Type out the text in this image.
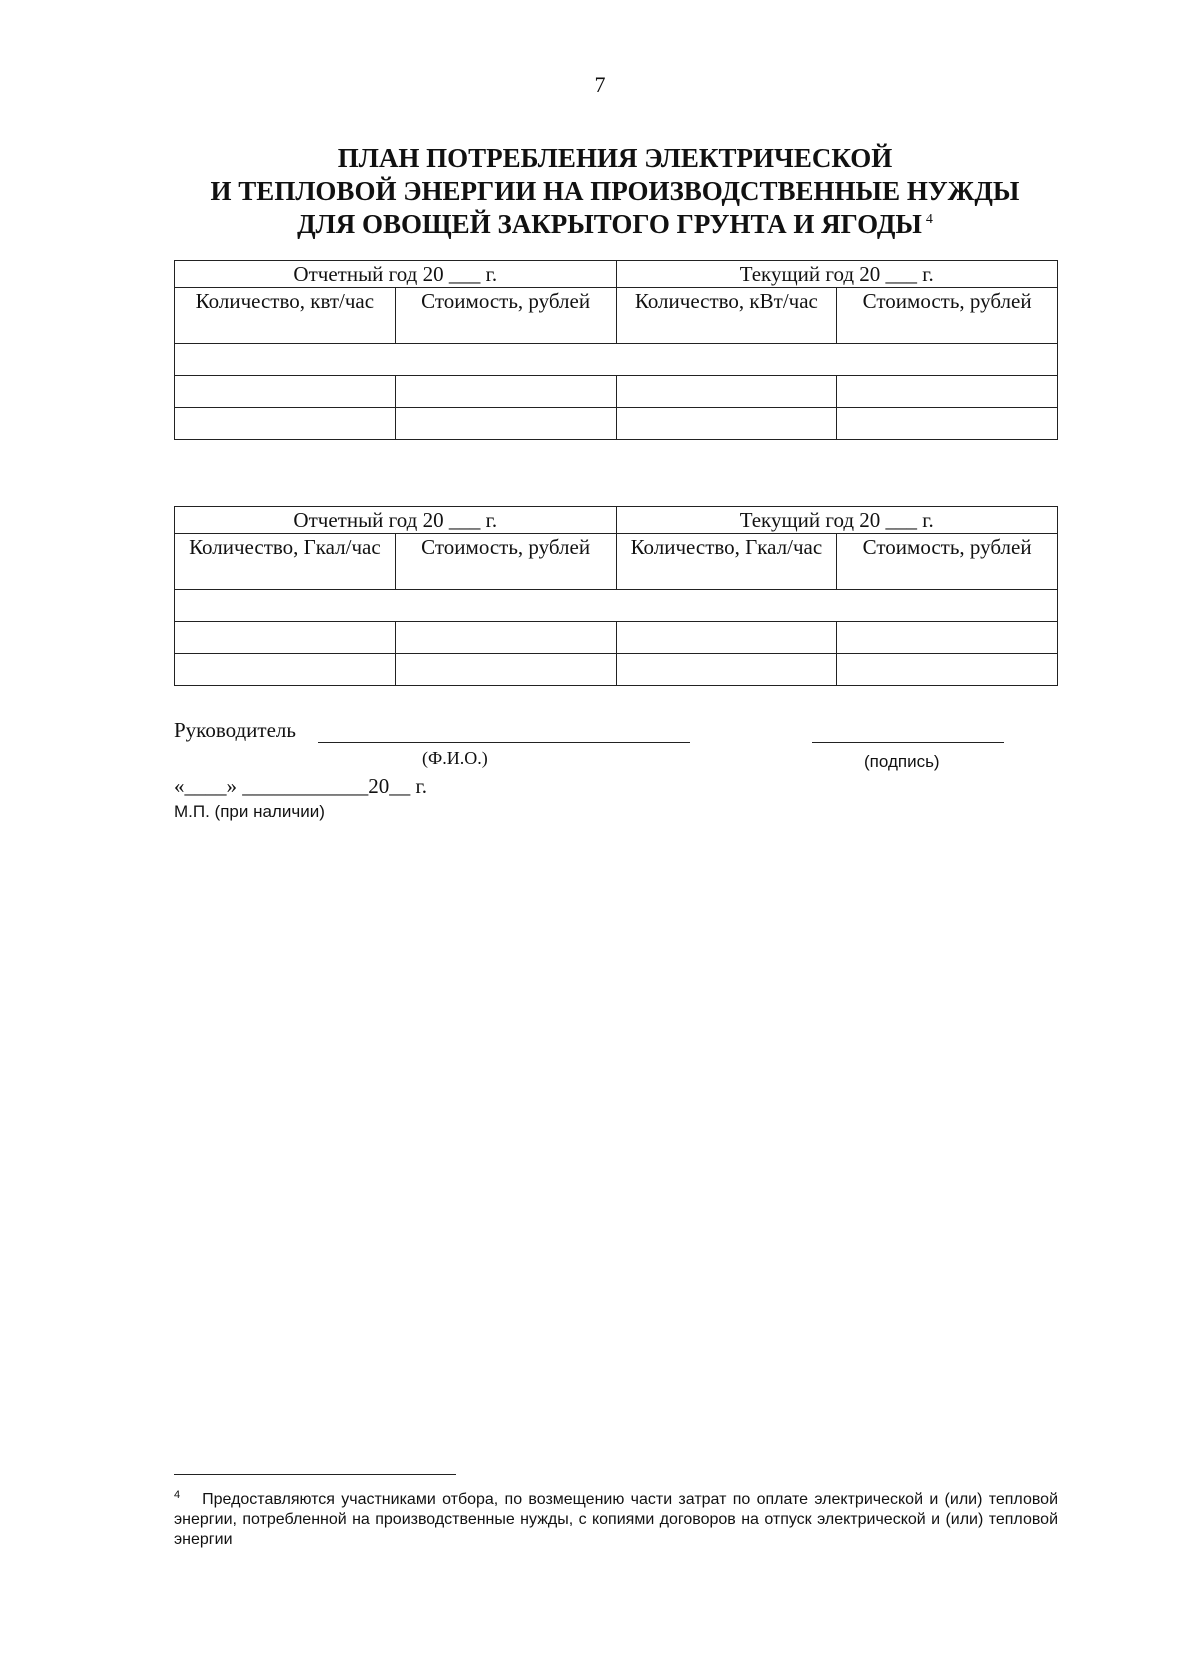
7
ПЛАН ПОТРЕБЛЕНИЯ ЭЛЕКТРИЧЕСКОЙ
И ТЕПЛОВОЙ ЭНЕРГИИ НА ПРОИЗВОДСТВЕННЫЕ НУЖДЫ
ДЛЯ ОВОЩЕЙ ЗАКРЫТОГО ГРУНТА И ЯГОДЫ $^4$
Отчетный год 20 ___ г.		Текущий год 20 ___ г.	
Количество, квт/час	Стоимость, рублей	Количество, кВт/час	Стоимость, рублей

Отчетный год 20 ___ г.		Текущий год 20 ___ г.	
Количество, Гкал/час	Стоимость, рублей	Количество, Гкал/час	Стоимость, рублей

Руководитель
(Ф.И.О.)	(подпись)
«____» ____________20__ г.
М.П. (при наличии)
$^4$ Предоставляются участниками отбора, по возмещению части затрат по оплате электрической и (или) тепловой энергии, потребленной на производственные нужды, с копиями договоров на отпуск электрической и (или) тепловой энергии
